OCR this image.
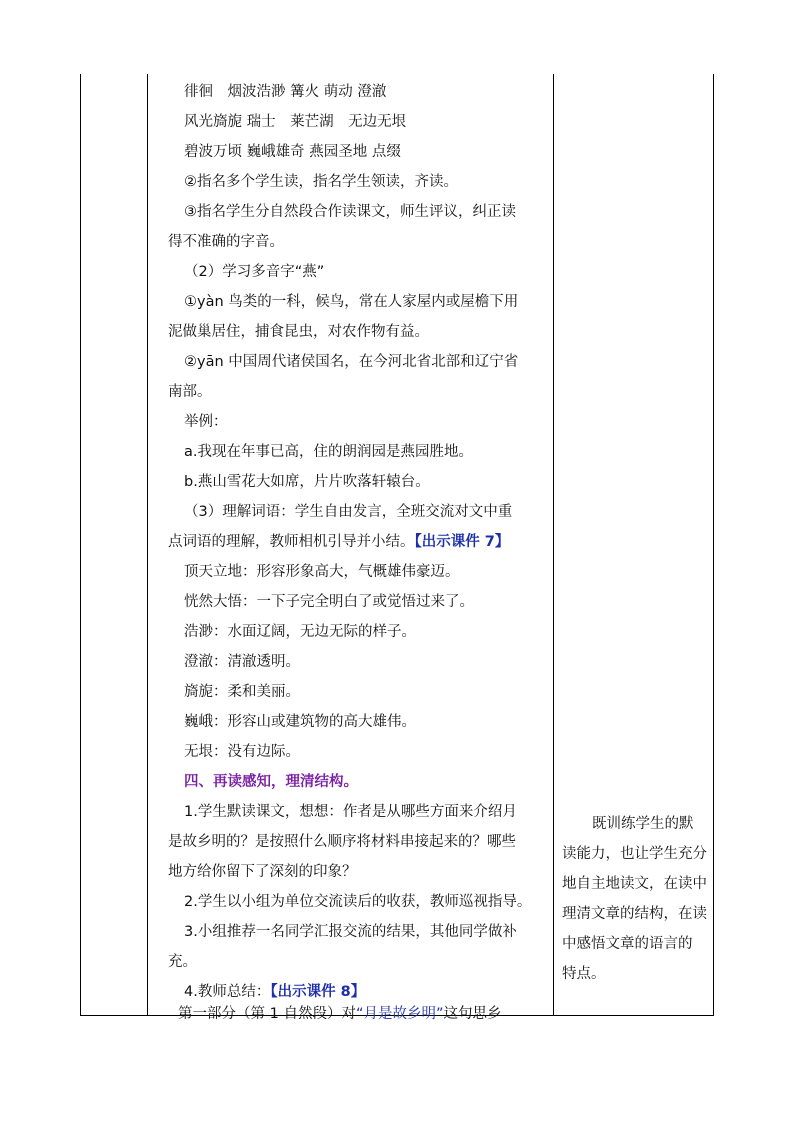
徘徊　烟波浩渺 篝火 萌动 澄澈
风光旖旎 瑞士　莱芒湖　无边无垠
碧波万顷 巍峨雄奇 燕园圣地 点缀
②指名多个学生读，指名学生领读，齐读。
③指名学生分自然段合作读课文，师生评议，纠正读
得不准确的字音。
（2）学习多音字“燕”
①yàn 鸟类的一科，候鸟，常在人家屋内或屋檐下用
泥做巢居住，捕食昆虫，对农作物有益。
②yān 中国周代诸侯国名，在今河北省北部和辽宁省
南部。
举例：
a.我现在年事已高，住的朗润园是燕园胜地。
b.燕山雪花大如席，片片吹落轩辕台。
（3）理解词语：学生自由发言，全班交流对文中重
点词语的理解，教师相机引导并小结。【出示课件 7】
顶天立地：形容形象高大，气概雄伟豪迈。
恍然大悟：一下子完全明白了或觉悟过来了。
浩渺：水面辽阔，无边无际的样子。
澄澈：清澈透明。
旖旎：柔和美丽。
巍峨：形容山或建筑物的高大雄伟。
无垠：没有边际。
四、再读感知，理清结构。
1.学生默读课文，想想：作者是从哪些方面来介绍月
是故乡明的？是按照什么顺序将材料串接起来的？哪些
地方给你留下了深刻的印象？
2.学生以小组为单位交流读后的收获，教师巡视指导。
3.小组推荐一名同学汇报交流的结果，其他同学做补
充。
4.教师总结：【出示课件 8】
第一部分（第 1 自然段）对“月是故乡明”这句思乡
既训练学生的默
读能力，也让学生充分
地自主地读文，在读中
理清文章的结构，在读
中感悟文章的语言的
特点。
